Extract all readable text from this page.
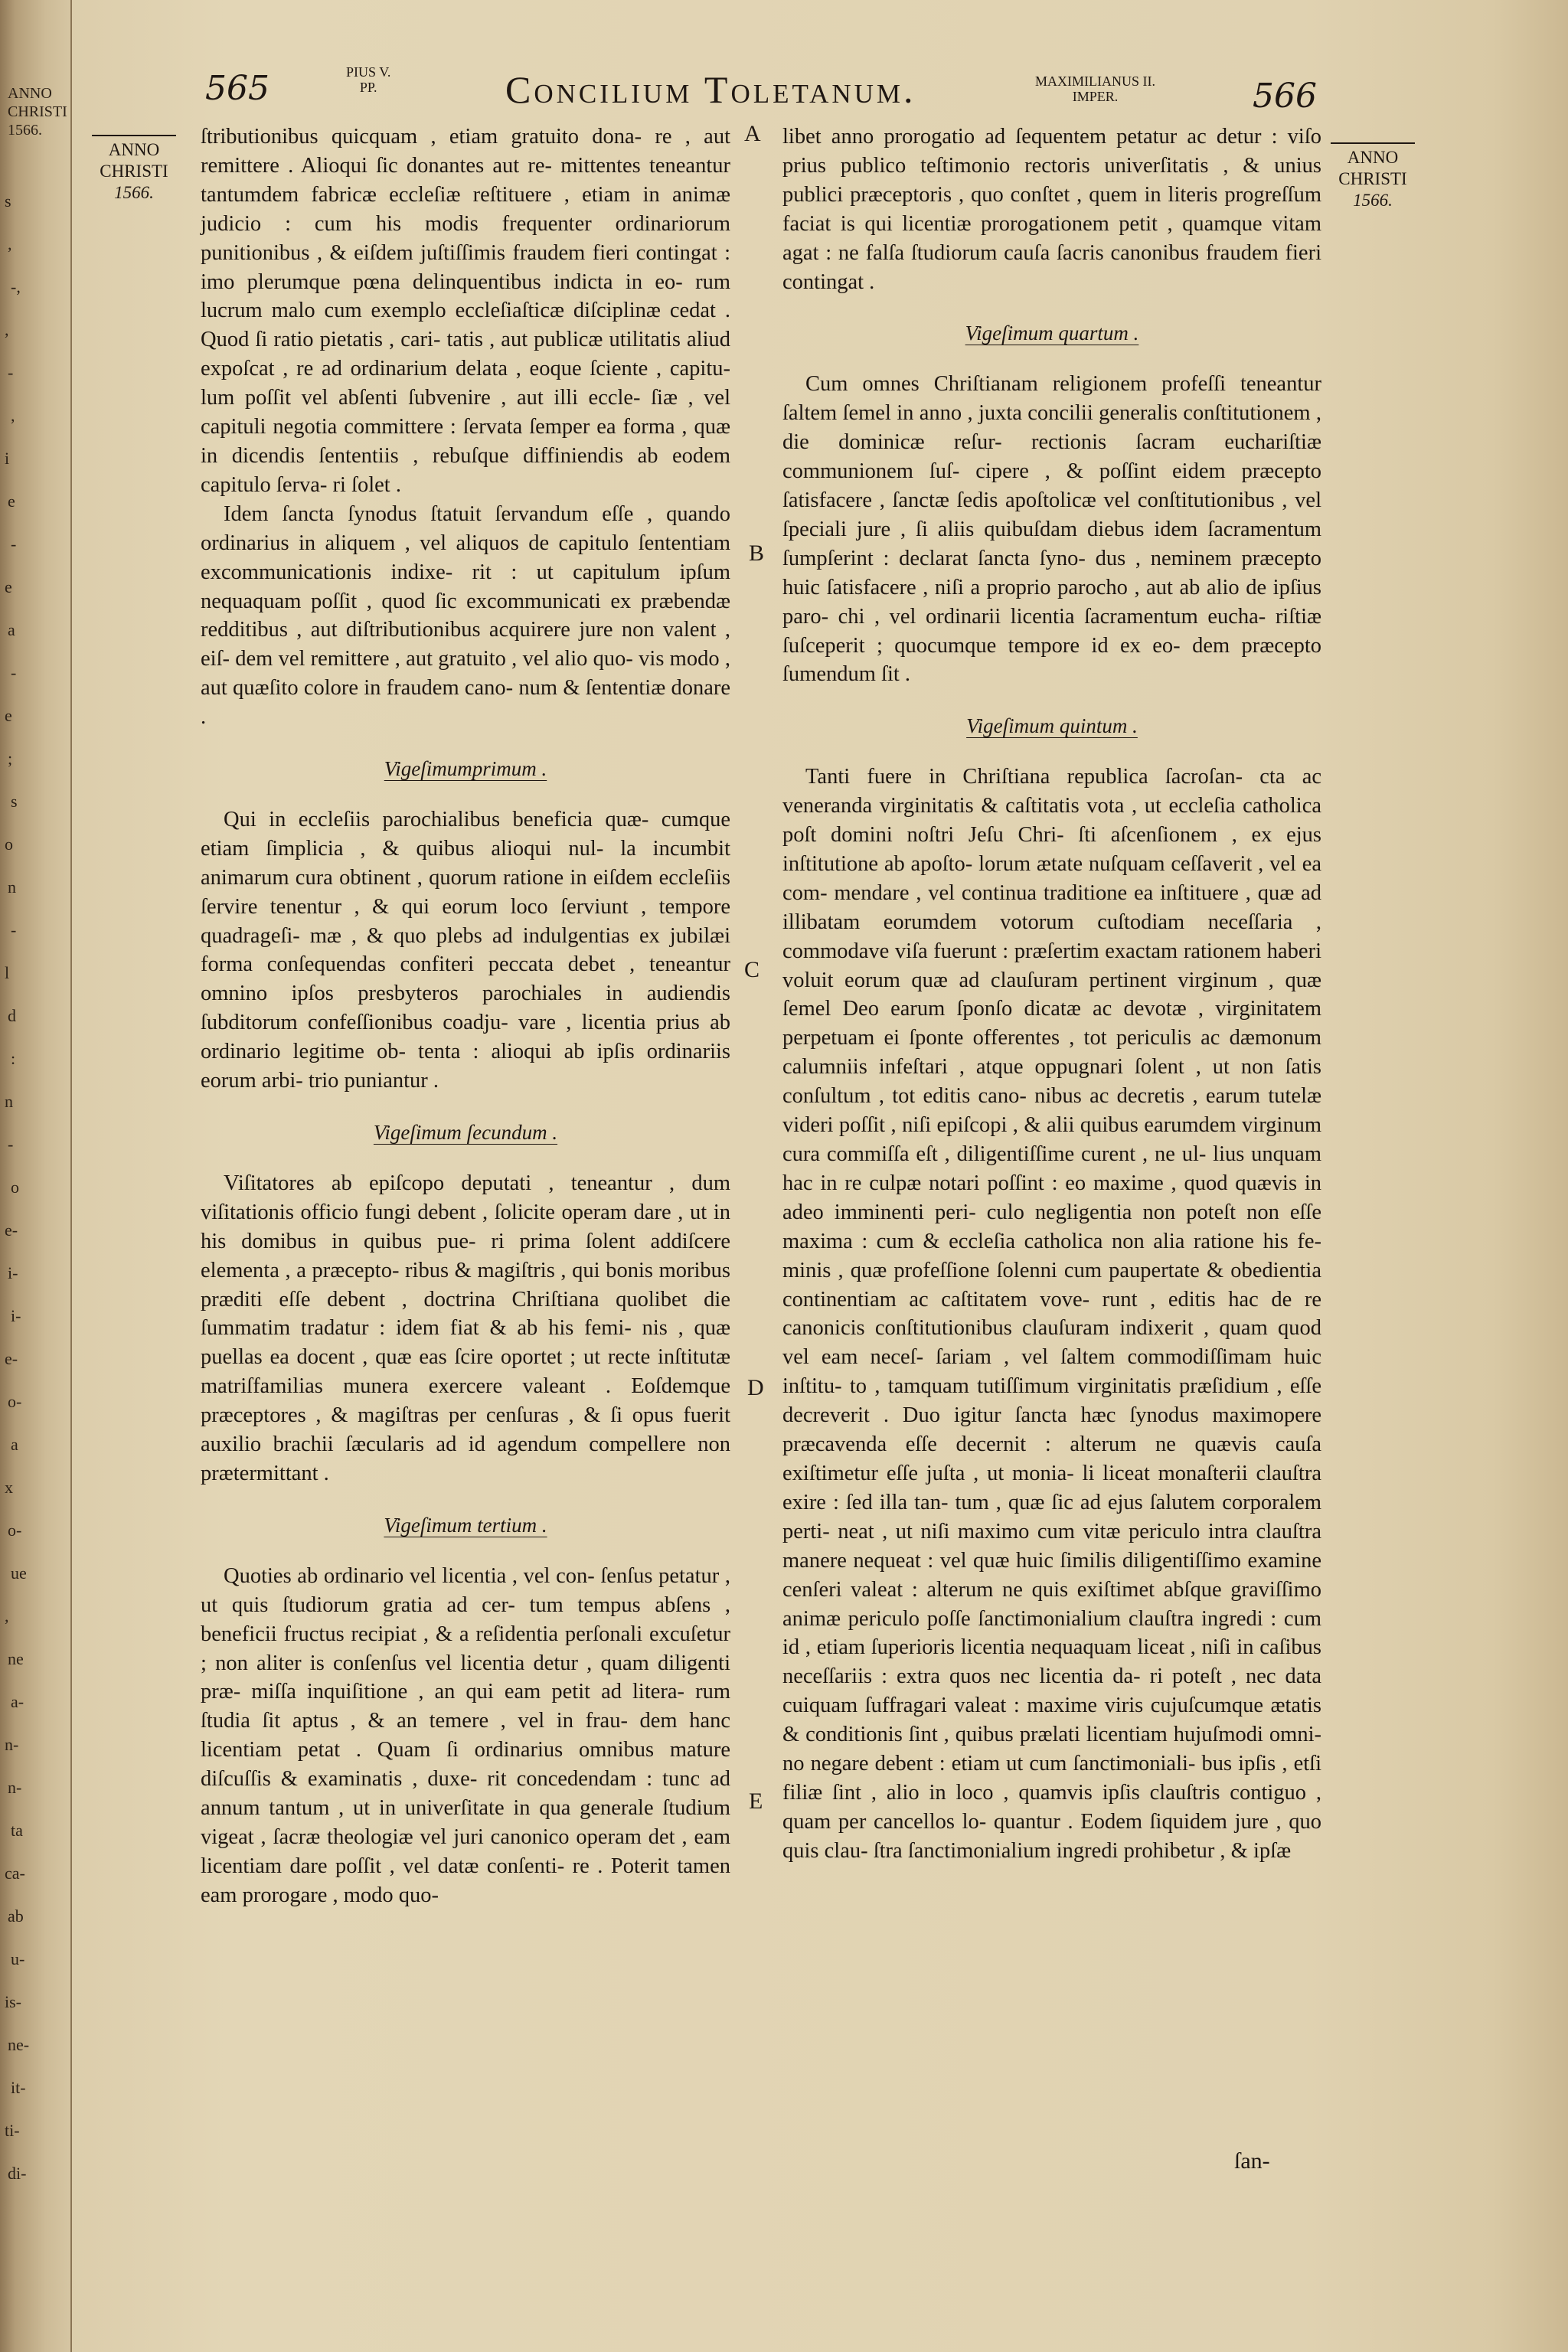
ANNO
CHRISTI
1566.
s
,
-,
,
-
,
i
e
-
e
a
-
e
;
s
o
n
-
l
d
:
n
-
o
e-
i-
i-
e-
o-
a
x
o-
ue
,
ne
a-
n-
n-
ta
ca-
ab
u-
is-
ne-
it-
ti-
di-
565	PIUS V.
PP.	Concilium Toletanum.	MAXIMILIANUS II.
IMPER.	566
ANNO
CHRISTI
1566.
ANNO
CHRISTI
1566.
A
B
C
D
E

ſtributionibus quicquam , etiam gratuito dona- re , aut remittere . Alioqui ſic donantes aut re- mittentes teneantur tantumdem fabricæ eccleſiæ reſtituere , etiam in animæ judicio : cum his modis frequenter ordinariorum punitionibus , & eiſdem juſtiſſimis fraudem fieri contingat : imo plerumque pœna delinquentibus indicta in eo- rum lucrum malo cum exemplo eccleſiaſticæ diſciplinæ cedat . Quod ſi ratio pietatis , cari- tatis , aut publicæ utilitatis aliud expoſcat , re ad ordinarium delata , eoque ſciente , capitu- lum poſſit vel abſenti ſubvenire , aut illi eccle- ſiæ , vel capituli negotia committere : ſervata ſemper ea forma , quæ in dicendis ſententiis , rebuſque diffiniendis ab eodem capitulo ſerva- ri ſolet .

Idem ſancta ſynodus ſtatuit ſervandum eſſe , quando ordinarius in aliquem , vel aliquos de capitulo ſententiam excommunicationis indixe- rit : ut capitulum ipſum nequaquam poſſit , quod ſic excommunicati ex præbendæ redditibus , aut diſtributionibus acquirere jure non valent , eiſ- dem vel remittere , aut gratuito , vel alio quo- vis modo , aut quæſito colore in fraudem cano- num & ſententiæ donare .

Vigeſimumprimum .

Qui in eccleſiis parochialibus beneficia quæ- cumque etiam ſimplicia , & quibus alioqui nul- la incumbit animarum cura obtinent , quorum ratione in eiſdem eccleſiis ſervire tenentur , & qui eorum loco ſerviunt , tempore quadrageſi- mæ , & quo plebs ad indulgentias ex jubilæi forma conſequendas confiteri peccata debet , teneantur omnino ipſos presbyteros parochiales in audiendis ſubditorum confeſſionibus coadju- vare , licentia prius ab ordinario legitime ob- tenta : alioqui ab ipſis ordinariis eorum arbi- trio puniantur .

Vigeſimum ſecundum .

Viſitatores ab epiſcopo deputati , teneantur , dum viſitationis officio fungi debent , ſolicite operam dare , ut in his domibus in quibus pue- ri prima ſolent addiſcere elementa , a præcepto- ribus & magiſtris , qui bonis moribus præditi eſſe debent , doctrina Chriſtiana quolibet die ſummatim tradatur : idem fiat & ab his femi- nis , quæ puellas ea docent , quæ eas ſcire oportet ; ut recte inſtitutæ matriſfamilias munera exercere valeant . Eoſdemque præceptores , & magiſtras per cenſuras , & ſi opus fuerit auxilio brachii ſæcularis ad id agendum compellere non prætermittant .

Vigeſimum tertium .

Quoties ab ordinario vel licentia , vel con- ſenſus petatur , ut quis ſtudiorum gratia ad cer- tum tempus abſens , beneficii fructus recipiat , & a reſidentia perſonali excuſetur ; non aliter is conſenſus vel licentia detur , quam diligenti præ- miſſa inquiſitione , an qui eam petit ad litera- rum ſtudia ſit aptus , & an temere , vel in frau- dem hanc licentiam petat . Quam ſi ordinarius omnibus mature diſcuſſis & examinatis , duxe- rit concedendam : tunc ad annum tantum , ut in univerſitate in qua generale ſtudium vigeat , ſacræ theologiæ vel juri canonico operam det , eam licentiam dare poſſit , vel datæ conſenti- re . Poterit tamen eam prorogare , modo quo-

libet anno prorogatio ad ſequentem petatur ac detur : viſo prius publico teſtimonio rectoris univerſitatis , & unius publici præceptoris , quo conſtet , quem in literis progreſſum faciat is qui licentiæ prorogationem petit , quamque vitam agat : ne falſa ſtudiorum cauſa ſacris canonibus fraudem fieri contingat .

Vigeſimum quartum .

Cum omnes Chriſtianam religionem profeſſi teneantur ſaltem ſemel in anno , juxta concilii generalis conſtitutionem , die dominicæ reſur- rectionis ſacram euchariſtiæ communionem ſuſ- cipere , & poſſint eidem præcepto ſatisfacere , ſanctæ ſedis apoſtolicæ vel conſtitutionibus , vel ſpeciali jure , ſi aliis quibuſdam diebus idem ſacramentum ſumpſerint : declarat ſancta ſyno- dus , neminem præcepto huic ſatisfacere , niſi a proprio parocho , aut ab alio de ipſius paro- chi , vel ordinarii licentia ſacramentum eucha- riſtiæ ſuſceperit ; quocumque tempore id ex eo- dem præcepto ſumendum ſit .

Vigeſimum quintum .

Tanti fuere in Chriſtiana republica ſacroſan- cta ac veneranda virginitatis & caſtitatis vota , ut eccleſia catholica poſt domini noſtri Jeſu Chri- ſti aſcenſionem , ex ejus inſtitutione ab apoſto- lorum ætate nuſquam ceſſaverit , vel ea com- mendare , vel continua traditione ea inſtituere , quæ ad illibatam eorumdem votorum cuſtodiam neceſſaria , commodave viſa fuerunt : præſertim exactam rationem haberi voluit eorum quæ ad clauſuram pertinent virginum , quæ ſemel Deo earum ſponſo dicatæ ac devotæ , virginitatem perpetuam ei ſponte offerentes , tot periculis ac dæmonum calumniis infeſtari , atque oppugnari ſolent , ut non ſatis conſultum , tot editis cano- nibus ac decretis , earum tutelæ videri poſſit , niſi epiſcopi , & alii quibus earumdem virginum cura commiſſa eſt , diligentiſſime curent , ne ul- lius unquam hac in re culpæ notari poſſint : eo maxime , quod quævis in adeo imminenti peri- culo negligentia non poteſt non eſſe maxima : cum & eccleſia catholica non alia ratione his fe- minis , quæ profeſſione ſolenni cum paupertate & obedientia continentiam ac caſtitatem vove- runt , editis hac de re canonicis conſtitutionibus clauſuram indixerit , quam quod vel eam neceſ- ſariam , vel ſaltem commodiſſimam huic inſtitu- to , tamquam tutiſſimum virginitatis præſidium , eſſe decreverit . Duo igitur ſancta hæc ſynodus maximopere præcavenda eſſe decernit : alterum ne quævis cauſa exiſtimetur eſſe juſta , ut monia- li liceat monaſterii clauſtra exire : ſed illa tan- tum , quæ ſic ad ejus ſalutem corporalem perti- neat , ut niſi maximo cum vitæ periculo intra clauſtra manere nequeat : vel quæ huic ſimilis diligentiſſimo examine cenſeri valeat : alterum ne quis exiſtimet abſque graviſſimo animæ periculo poſſe ſanctimonialium clauſtra ingredi : cum id , etiam ſuperioris licentia nequaquam liceat , niſi in caſibus neceſſariis : extra quos nec licentia da- ri poteſt , nec data cuiquam ſuffragari valeat : maxime viris cujuſcumque ætatis & conditionis ſint , quibus prælati licentiam hujuſmodi omni- no negare debent : etiam ut cum ſanctimoniali- bus ipſis , etſi filiæ ſint , alio in loco , quamvis ipſis clauſtris contiguo , quam per cancellos lo- quantur . Eodem ſiquidem jure , quo quis clau- ſtra ſanctimonialium ingredi prohibetur , & ipſæ

ſan-
